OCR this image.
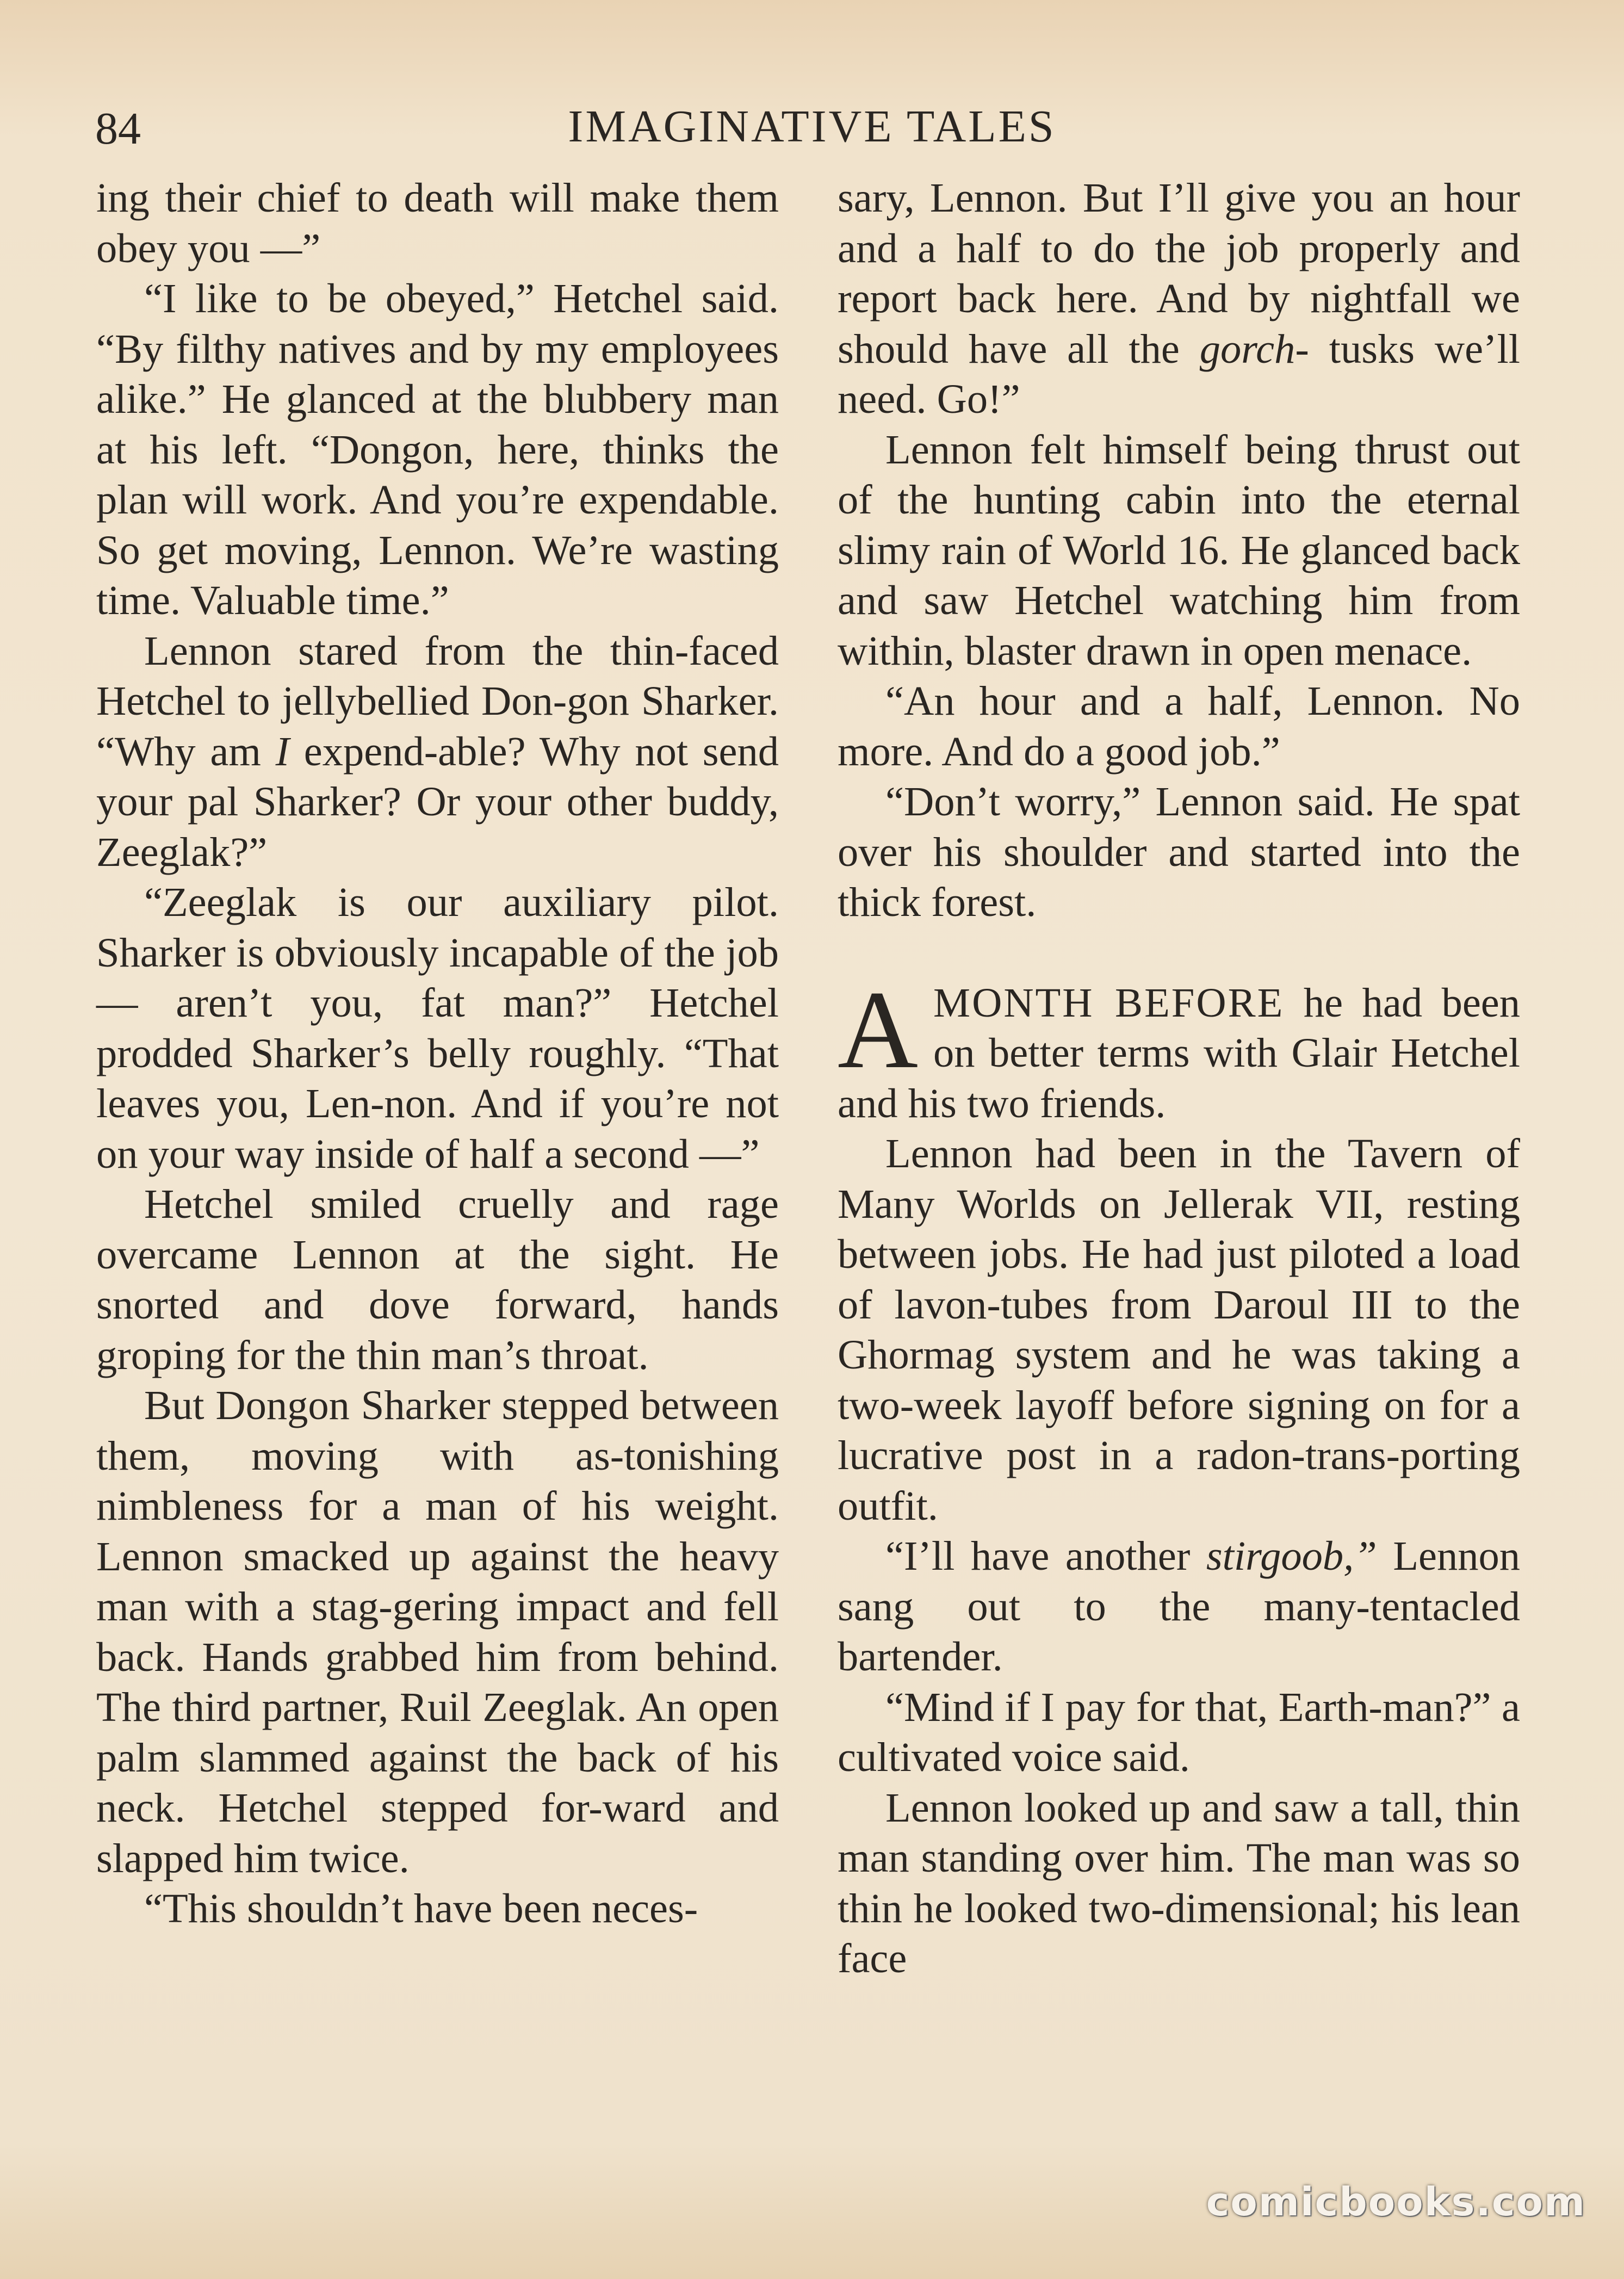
84	IMAGINATIVE TALES

ing their chief to death will make them obey you —”

“I like to be obeyed,” Hetchel said. “By filthy natives and by my employees alike.” He glanced at the blubbery man at his left. “Dongon, here, thinks the plan will work. And you’re expendable. So get moving, Lennon. We’re wasting time. Valuable time.”

Lennon stared from the thin-faced Hetchel to jellybellied Don-gon Sharker. “Why am I expend-able? Why not send your pal Sharker? Or your other buddy, Zeeglak?”

“Zeeglak is our auxiliary pilot. Sharker is obviously incapable of the job — aren’t you, fat man?” Hetchel prodded Sharker’s belly roughly. “That leaves you, Len-non. And if you’re not on your way inside of half a second —”

Hetchel smiled cruelly and rage overcame Lennon at the sight. He snorted and dove forward, hands groping for the thin man’s throat.

But Dongon Sharker stepped between them, moving with as-tonishing nimbleness for a man of his weight. Lennon smacked up against the heavy man with a stag-gering impact and fell back. Hands grabbed him from behind. The third partner, Ruil Zeeglak. An open palm slammed against the back of his neck. Hetchel stepped for-ward and slapped him twice.

“This shouldn’t have been neces-

sary, Lennon. But I’ll give you an hour and a half to do the job properly and report back here. And by nightfall we should have all the gorch- tusks we’ll need. Go!”

Lennon felt himself being thrust out of the hunting cabin into the eternal slimy rain of World 16. He glanced back and saw Hetchel watching him from within, blaster drawn in open menace.

“An hour and a half, Lennon. No more. And do a good job.”

“Don’t worry,” Lennon said. He spat over his shoulder and started into the thick forest.

AMONTH BEFORE he had been on better terms with Glair Hetchel and his two friends.

Lennon had been in the Tavern of Many Worlds on Jellerak VII, resting between jobs. He had just piloted a load of lavon-tubes from Daroul III to the Ghormag system and he was taking a two-week layoff before signing on for a lucrative post in a radon-trans-porting outfit.

“I’ll have another stirgoob,” Lennon sang out to the many-tentacled bartender.

“Mind if I pay for that, Earth-man?” a cultivated voice said.

Lennon looked up and saw a tall, thin man standing over him. The man was so thin he looked two-dimensional; his lean face

comicbooks.com
